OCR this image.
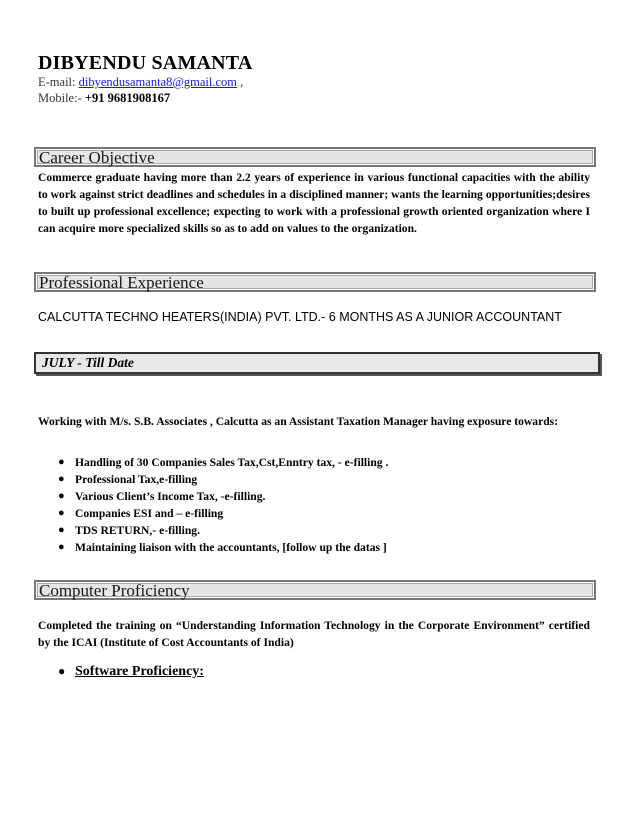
DIBYENDU SAMANTA
E-mail: dibyendusamanta8@gmail.com ,
Mobile:- +91 9681908167
Career Objective
Commerce graduate having more than 2.2 years of experience in various functional capacities with the ability to work against strict deadlines and schedules in a disciplined manner; wants the learning opportunities;desires to built up professional excellence; expecting to work with a professional growth oriented organization where I can acquire more specialized skills so as to add on values to the organization.
Professional Experience
CALCUTTA TECHNO HEATERS(INDIA) PVT. LTD.- 6 MONTHS AS A JUNIOR ACCOUNTANT
JULY - Till Date
Working with M/s. S.B. Associates , Calcutta as an Assistant Taxation Manager having exposure towards:
● Handling of 30 Companies Sales Tax,Cst,Enntry tax, - e-filling .
● Professional Tax,e-filling
● Various Client’s Income Tax, -e-filling.
● Companies ESI and – e-filling
● TDS RETURN,- e-filling.
● Maintaining liaison with the accountants, [follow up the datas ]
Computer Proficiency
Completed the training on “Understanding Information Technology in the Corporate Environment” certified by the ICAI (Institute of Cost Accountants of India)
● Software Proficiency:
